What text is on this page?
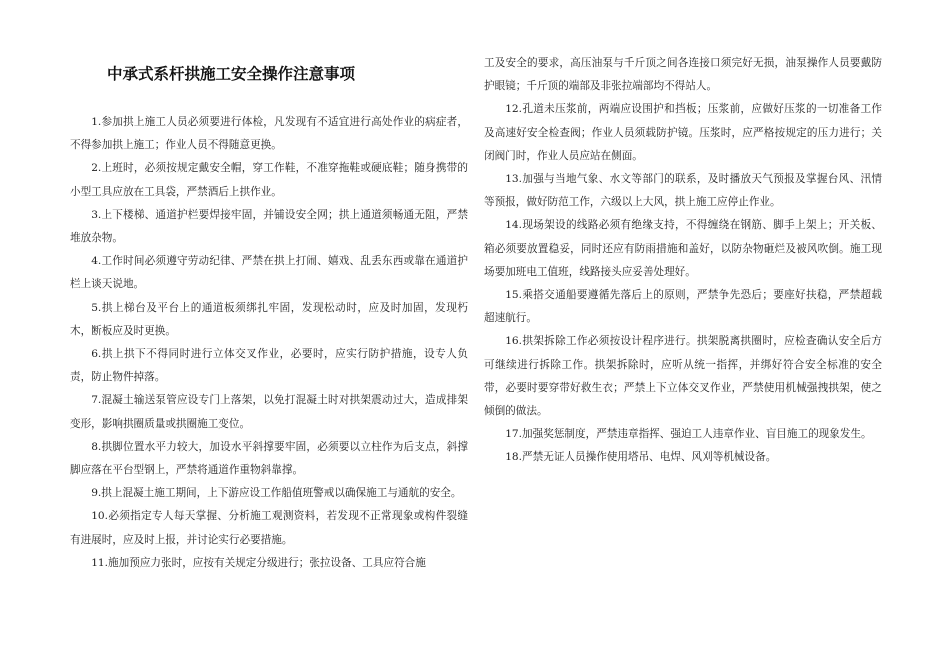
中承式系杆拱施工安全操作注意事项

1.参加拱上施工人员必须要进行体检，凡发现有不适宜进行高处作业的病症者，不得参加拱上施工；作业人员不得随意更换。

2.上班时，必须按规定戴安全帽，穿工作鞋，不准穿拖鞋或硬底鞋；随身携带的小型工具应放在工具袋，严禁酒后上拱作业。

3.上下楼梯、通道护栏要焊接牢固，并铺设安全网；拱上通道须畅通无阻，严禁堆放杂物。

4.工作时间必须遵守劳动纪律、严禁在拱上打闹、嬉戏、乱丢东西或靠在通道护栏上谈天说地。

5.拱上梯台及平台上的通道板须绑扎牢固，发现松动时，应及时加固，发现朽木，断板应及时更换。

6.拱上拱下不得同时进行立体交叉作业，必要时，应实行防护措施，设专人负责，防止物件掉落。

7.混凝土输送泵管应设专门上落架，以免打混凝土时对拱架震动过大，造成排架变形，影响拱圈质量或拱圈施工变位。

8.拱脚位置水平力较大，加设水平斜撑要牢固，必须要以立柱作为后支点，斜撑脚应落在平台型钢上，严禁将通道作重物斜靠撑。

9.拱上混凝土施工期间，上下游应设工作船值班警戒以确保施工与通航的安全。

10.必须指定专人每天掌握、分析施工观测资料，若发现不正常现象或构件裂缝有进展时，应及时上报，并讨论实行必要措施。

11.施加预应力张时，应按有关规定分级进行；张拉设备、工具应符合施

工及安全的要求，高压油泵与千斤顶之间各连接口须完好无损，油泵操作人员要戴防护眼镜；千斤顶的端部及非张拉端部均不得站人。

12.孔道未压浆前，两端应设围护和挡板；压浆前，应做好压浆的一切准备工作及高速好安全检查阀；作业人员须载防护镜。压浆时，应严格按规定的压力进行；关闭阀门时，作业人员应站在侧面。

13.加强与当地气象、水文等部门的联系，及时播放天气预报及掌握台风、汛情等预报，做好防范工作，六级以上大风，拱上施工应停止作业。

14.现场架设的线路必须有绝缘支持，不得缠绕在钢筋、脚手上架上；开关板、箱必须要放置稳妥，同时还应有防雨措施和盖好，以防杂物砸烂及被风吹倒。施工现场要加班电工值班，线路接头应妥善处理好。

15.乘搭交通船要遵循先落后上的原则，严禁争先恐后；要座好扶稳，严禁超载超速航行。

16.拱架拆除工作必须按设计程序进行。拱架脱离拱圈时，应检查确认安全后方可继续进行拆除工作。拱架拆除时，应听从统一指挥，并绑好符合安全标准的安全带，必要时要穿带好救生衣；严禁上下立体交叉作业，严禁使用机械强拽拱架，使之倾倒的做法。

17.加强奖惩制度，严禁违章指挥、强迫工人违章作业、盲目施工的现象发生。

18.严禁无证人员操作使用塔吊、电焊、风刈等机械设备。
